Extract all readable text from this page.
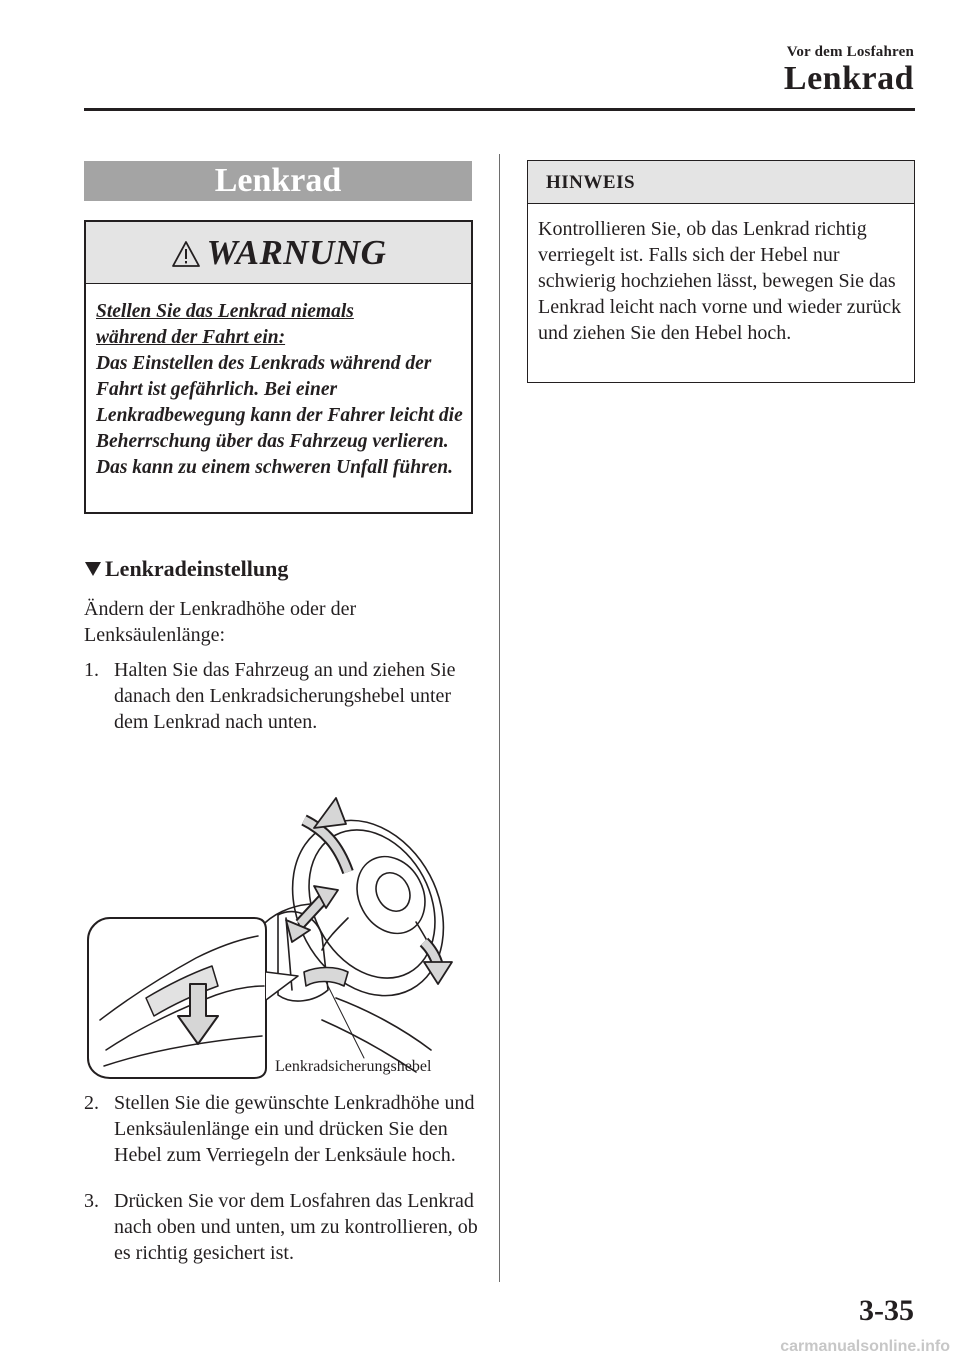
Vor dem Losfahren
Lenkrad
Lenkrad
WARNUNG
Stellen Sie das Lenkrad niemals
während der Fahrt ein:
Das Einstellen des Lenkrads während der Fahrt ist gefährlich. Bei einer Lenkradbewegung kann der Fahrer leicht die Beherrschung über das Fahrzeug verlieren. Das kann zu einem schweren Unfall führen.
Lenkradeinstellung
Ändern der Lenkradhöhe oder der Lenksäulenlänge:
1. Halten Sie das Fahrzeug an und ziehen Sie danach den Lenkradsicherungshebel unter dem Lenkrad nach unten.
Lenkradsicherungshebel
2. Stellen Sie die gewünschte Lenkradhöhe und Lenksäulenlänge ein und drücken Sie den Hebel zum Verriegeln der Lenksäule hoch.
3. Drücken Sie vor dem Losfahren das Lenkrad nach oben und unten, um zu kontrollieren, ob es richtig gesichert ist.
HINWEIS
Kontrollieren Sie, ob das Lenkrad richtig verriegelt ist. Falls sich der Hebel nur schwierig hochziehen lässt, bewegen Sie das Lenkrad leicht nach vorne und wieder zurück und ziehen Sie den Hebel hoch.
3-35
carmanualsonline.info
